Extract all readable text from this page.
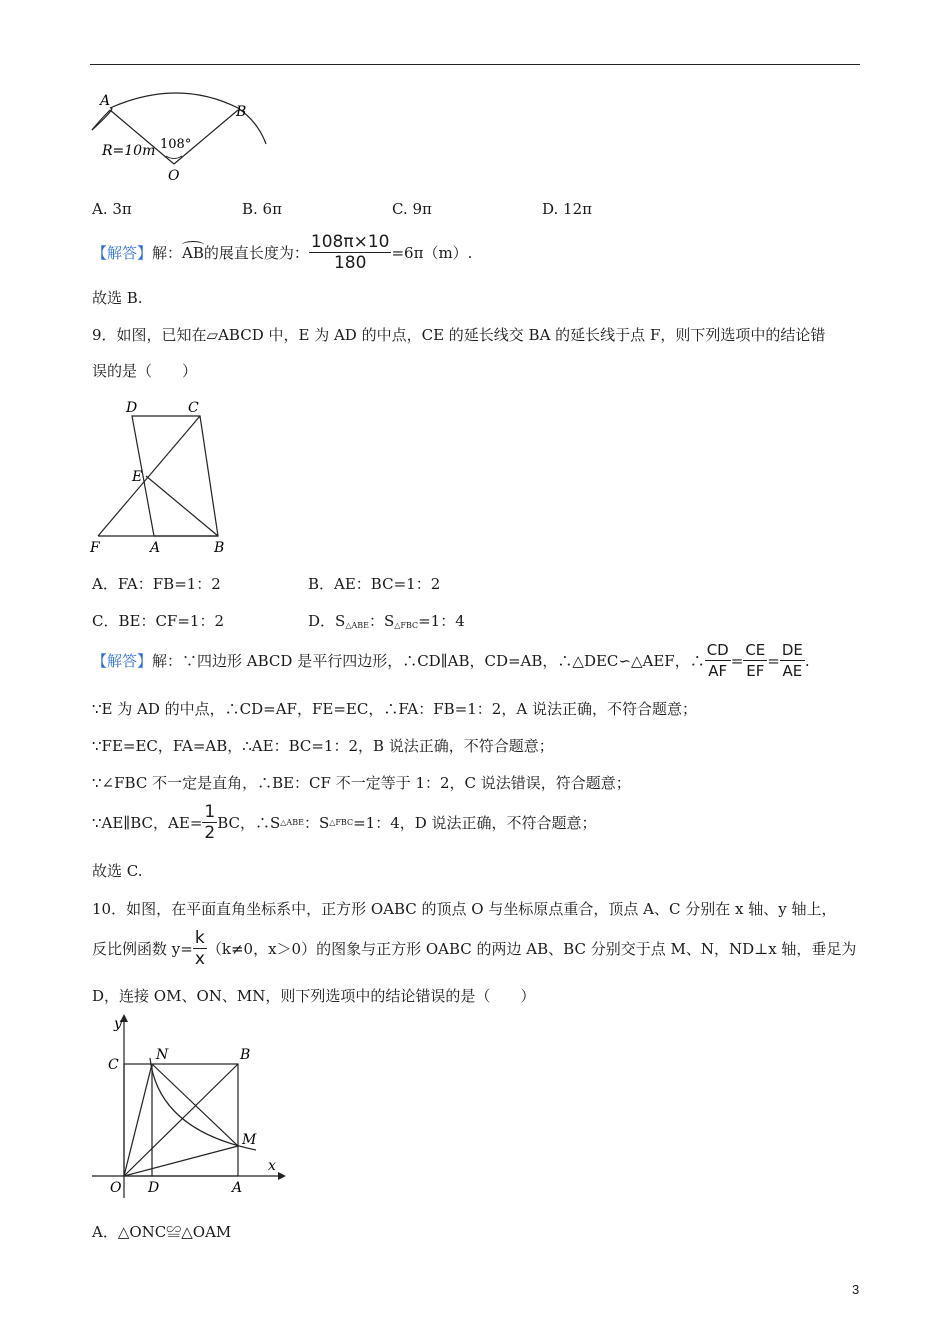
A
B
O
R=10m 108°
A. 3π	B. 6π	C. 9π	D. 12π
【解答】 解： AB 的展直长度为： $\frac{108\pi\times 10}{180} =6\pi(m)$.
故选 B.
9．如图，已知在▱ABCD 中，E 为 AD 的中点，CE 的延长线交 BA 的延长线于点 F，则下列选项中的结论错
误的是（　　）
D	C
E
F	A	B
A．FA：FB=1：2	B．AE：BC=1：2
C．BE：CF=1：2	D．$S_{\triangle ABE}$：$S_{\triangle FBC}=1$：4
【解答】 解：∵四边形 ABCD 是平行四边形，∴CD∥AB，CD=AB，∴△DEC∽△AEF，∴ $\frac{CD}{AF} = \frac{CE}{EF} = \frac{DE}{AE}$ .
∵E 为 AD 的中点，∴CD=AF，FE=EC，∴FA：FB=1：2，A 说法正确，不符合题意；
∵FE=EC，FA=AB，∴AE：BC=1：2，B 说法正确，不符合题意；
∵∠FBC 不一定是直角，∴BE：CF 不一定等于 1：2，C 说法错误，符合题意；
∵AE∥BC，$AE= \frac{1}{2}$ BC，∴S △ABE ：S △FBC =1：4，D 说法正确，不符合题意；
故选 C.
10．如图，在平面直角坐标系中，正方形 OABC 的顶点 O 与坐标原点重合，顶点 A、C 分别在 x 轴、y 轴上，
反比例函数 $y= \frac{k}{x} (k\ne 0$，x＞0）的图象与正方形 OABC 的两边 AB、BC 分别交于点 M、N，ND⊥x 轴，垂足为
D，连接 OM、ON、MN，则下列选项中的结论错误的是（　　）
y
x
C
N	B
M
O D	A
A．△ONC≌△OAM
3
